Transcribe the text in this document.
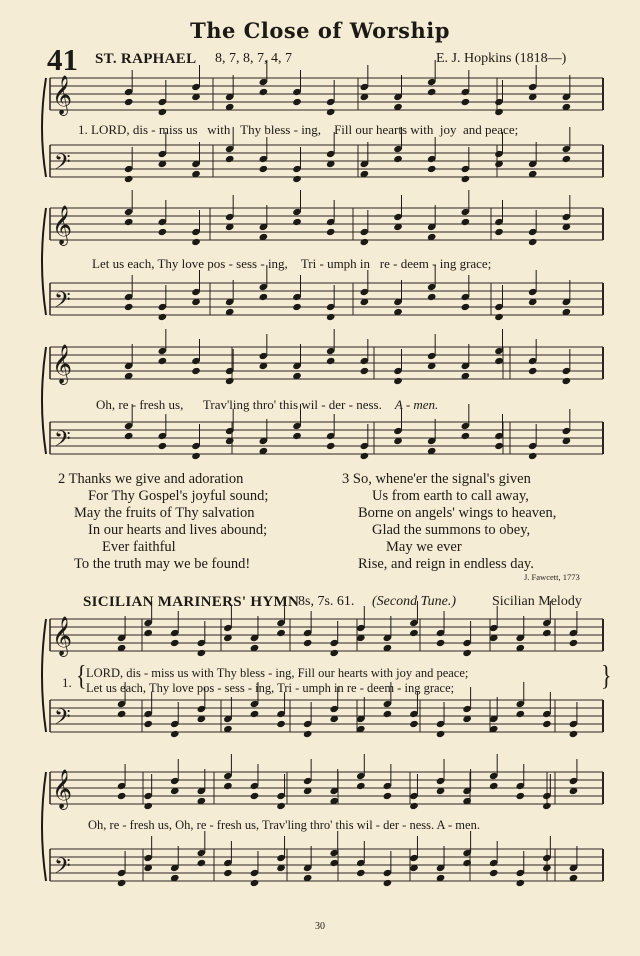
The Close of Worship
41 ST. RAPHAEL 8, 7, 8, 7, 4, 7	E. J. Hopkins (1818—)
𝄞
𝄢
𝄞
𝄢
𝄞
𝄢
𝄞
𝄢
𝄞
𝄢
1. LORD, dis - miss us with Thy bless - ing, Fill our hearts with joy and peace;
Let us each, Thy love pos - sess - ing, Tri - umph in re - deem - ing grace;
Oh, re - fresh us, Trav'ling thro' this wil - der - ness. A - men.
2 Thanks we give and adoration
For Thy Gospel's joyful sound;
May the fruits of Thy salvation
In our hearts and lives abound;
Ever faithful
To the truth may we be found!
3 So, whene'er the signal's given
Us from earth to call away,
Borne on angels' wings to heaven,
Glad the summons to obey,
May we ever
Rise, and reign in endless day.
J. Fawcett, 1773
SICILIAN MARINERS' HYMN
8s, 7s. 61. (Second Tune.)	Sicilian Melody
1. { LORD, dis - miss us with Thy bless - ing, Fill our hearts with joy and peace;
Let us each, Thy love pos - sess - ing, Tri - umph in re - deem - ing grace;	}
Oh, re - fresh us, Oh, re - fresh us, Trav'ling thro' this wil - der - ness. A - men.
30
